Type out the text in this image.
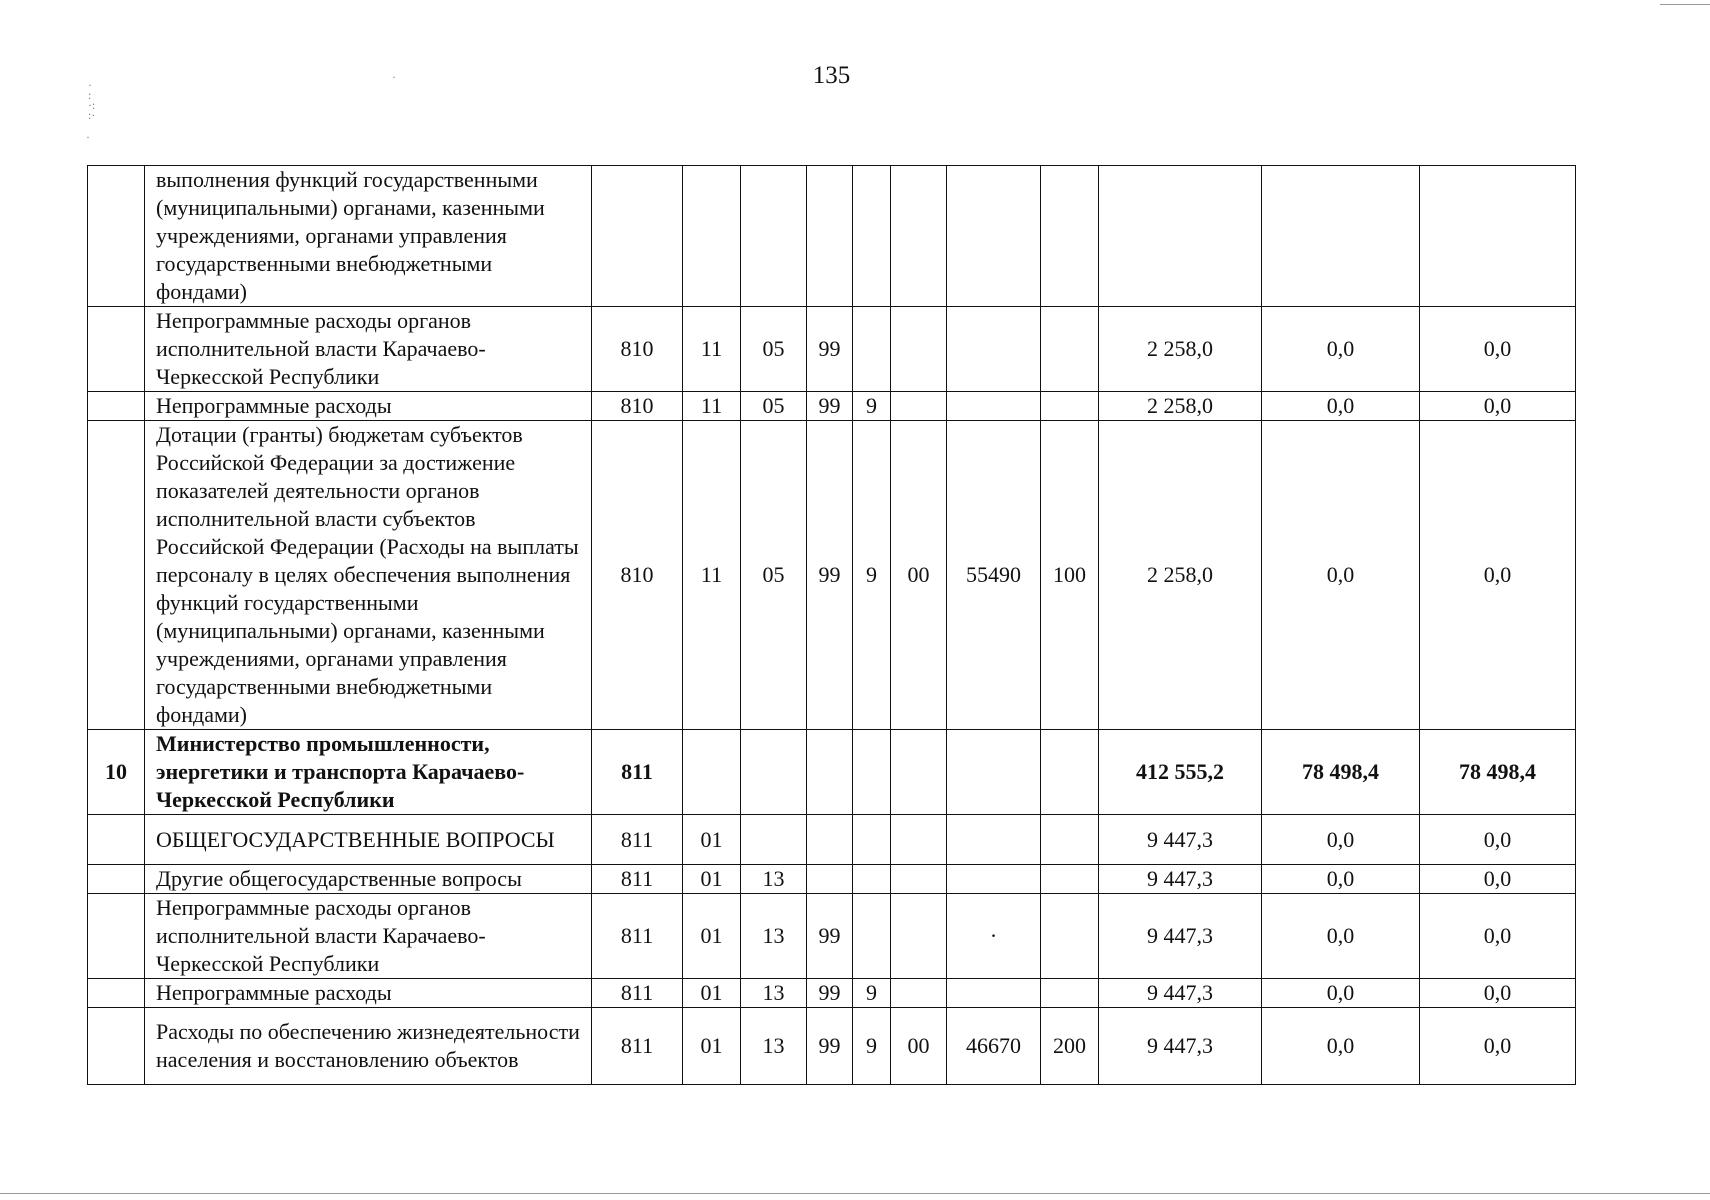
135
·
:
·:
:·
·
·
	выполнения функций государственными (муниципальными) органами, казенными учреждениями, органами управления государственными внебюджетными фондами)											
	Непрограммные расходы органов исполнительной власти Карачаево-Черкесской Республики	810	11	05	99					2 258,0	0,0	0,0
	Непрограммные расходы	810	11	05	99	9				2 258,0	0,0	0,0
	Дотации (гранты) бюджетам субъектов Российской Федерации за достижение показателей деятельности органов исполнительной власти субъектов Российской Федерации (Расходы на выплаты персоналу в целях обеспечения выполнения функций государственными (муниципальными) органами, казенными учреждениями, органами управления государственными внебюджетными фондами)	810	11	05	99	9	00	55490	100	2 258,0	0,0	0,0
10	Министерство промышленности, энергетики и транспорта Карачаево-Черкесской Республики	811								412 555,2	78 498,4	78 498,4
	ОБЩЕГОСУДАРСТВЕННЫЕ ВОПРОСЫ	811	01							9 447,3	0,0	0,0
	Другие общегосударственные вопросы	811	01	13						9 447,3	0,0	0,0
	Непрограммные расходы органов исполнительной власти Карачаево-Черкесской Республики	811	01	13	99			·		9 447,3	0,0	0,0
	Непрограммные расходы	811	01	13	99	9				9 447,3	0,0	0,0
	Расходы по обеспечению жизнедеятельности населения и восстановлению объектов	811	01	13	99	9	00	46670	200	9 447,3	0,0	0,0
